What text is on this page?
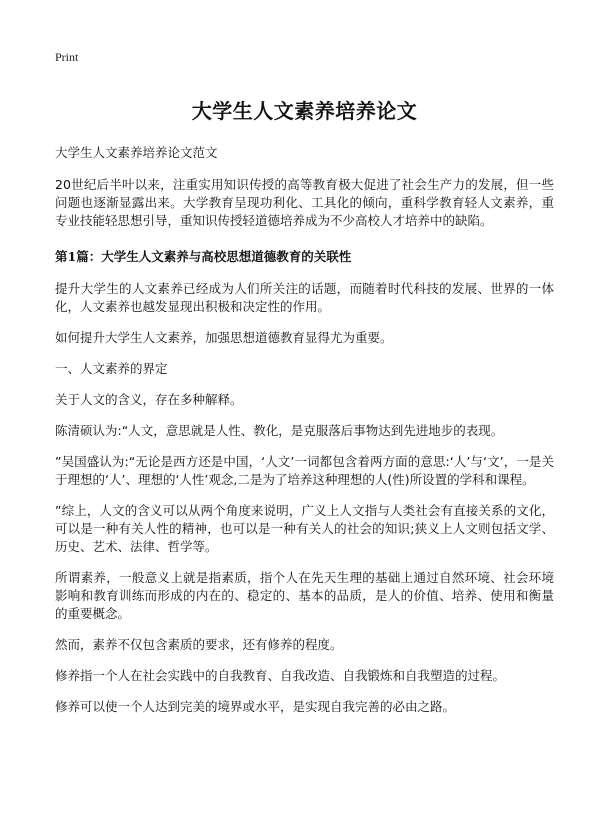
Print
大学生人文素养培养论文
大学生人文素养培养论文范文
20世纪后半叶以来，注重实用知识传授的高等教育极大促进了社会生产力的发展，但一些问题也逐渐显露出来。大学教育呈现功利化、工具化的倾向，重科学教育轻人文素养，重专业技能轻思想引导，重知识传授轻道德培养成为不少高校人才培养中的缺陷。
第1篇：大学生人文素养与高校思想道德教育的关联性
提升大学生的人文素养已经成为人们所关注的话题，而随着时代科技的发展、世界的一体化，人文素养也越发显现出积极和决定性的作用。
如何提升大学生人文素养，加强思想道德教育显得尤为重要。
一、人文素养的界定
关于人文的含义，存在多种解释。
陈清硕认为:“人文，意思就是人性、教化，是克服落后事物达到先进地步的表现。
”吴国盛认为:“无论是西方还是中国，‘人文’一词都包含着两方面的意思:‘人’与‘文’，一是关于理想的‘人’、理想的‘人性’观念,二是为了培养这种理想的人(性)所设置的学科和课程。
”综上，人文的含义可以从两个角度来说明，广义上人文指与人类社会有直接关系的文化，可以是一种有关人性的精神，也可以是一种有关人的社会的知识;狭义上人文则包括文学、历史、艺术、法律、哲学等。
所谓素养，一般意义上就是指素质，指个人在先天生理的基础上通过自然环境、社会环境影响和教育训练而形成的内在的、稳定的、基本的品质，是人的价值、培养、使用和衡量的重要概念。
然而，素养不仅包含素质的要求，还有修养的程度。
修养指一个人在社会实践中的自我教育、自我改造、自我锻炼和自我塑造的过程。
修养可以使一个人达到完美的境界或水平，是实现自我完善的必由之路。
